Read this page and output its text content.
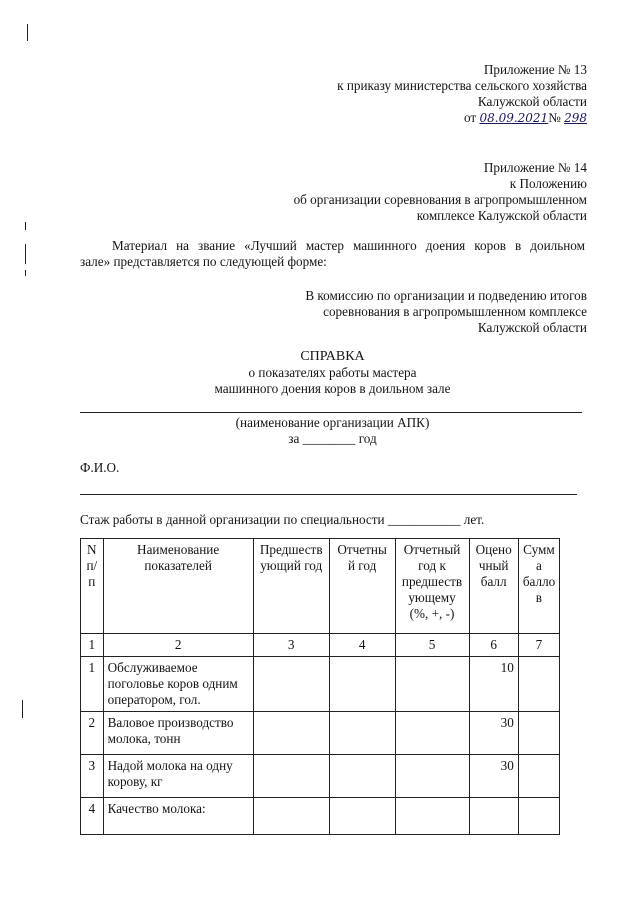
Приложение № 13
к приказу министерства сельского хозяйства
Калужской области
от 08.09.2021№ 298
Приложение № 14
к Положению
об организации соревнования в агропромышленном
комплексе Калужской области
Материал на звание «Лучший мастер машинного доения коров в доильном
зале» представляется по следующей форме:
В комиссию по организации и подведению итогов
соревнования в агропромышленном комплексе
Калужской области
СПРАВКА
о показателях работы мастера
машинного доения коров в доильном зале
(наименование организации АПК)
за ________ год
Ф.И.О.
Стаж работы в данной организации по специальности ___________ лет.
N п/п	Наименование показателей	Предшеств ующий год	Отчетны й год	Отчетный год к предшеств ующему (%, +, -)	Оцено чный балл	Сумм а балло в
1	2	3	4	5	6	7
1	Обслуживаемое поголовье коров одним оператором, гол.				10	
2	Валовое производство молока, тонн				30	
3	Надой молока на одну корову, кг				30	
4	Качество молока:					
